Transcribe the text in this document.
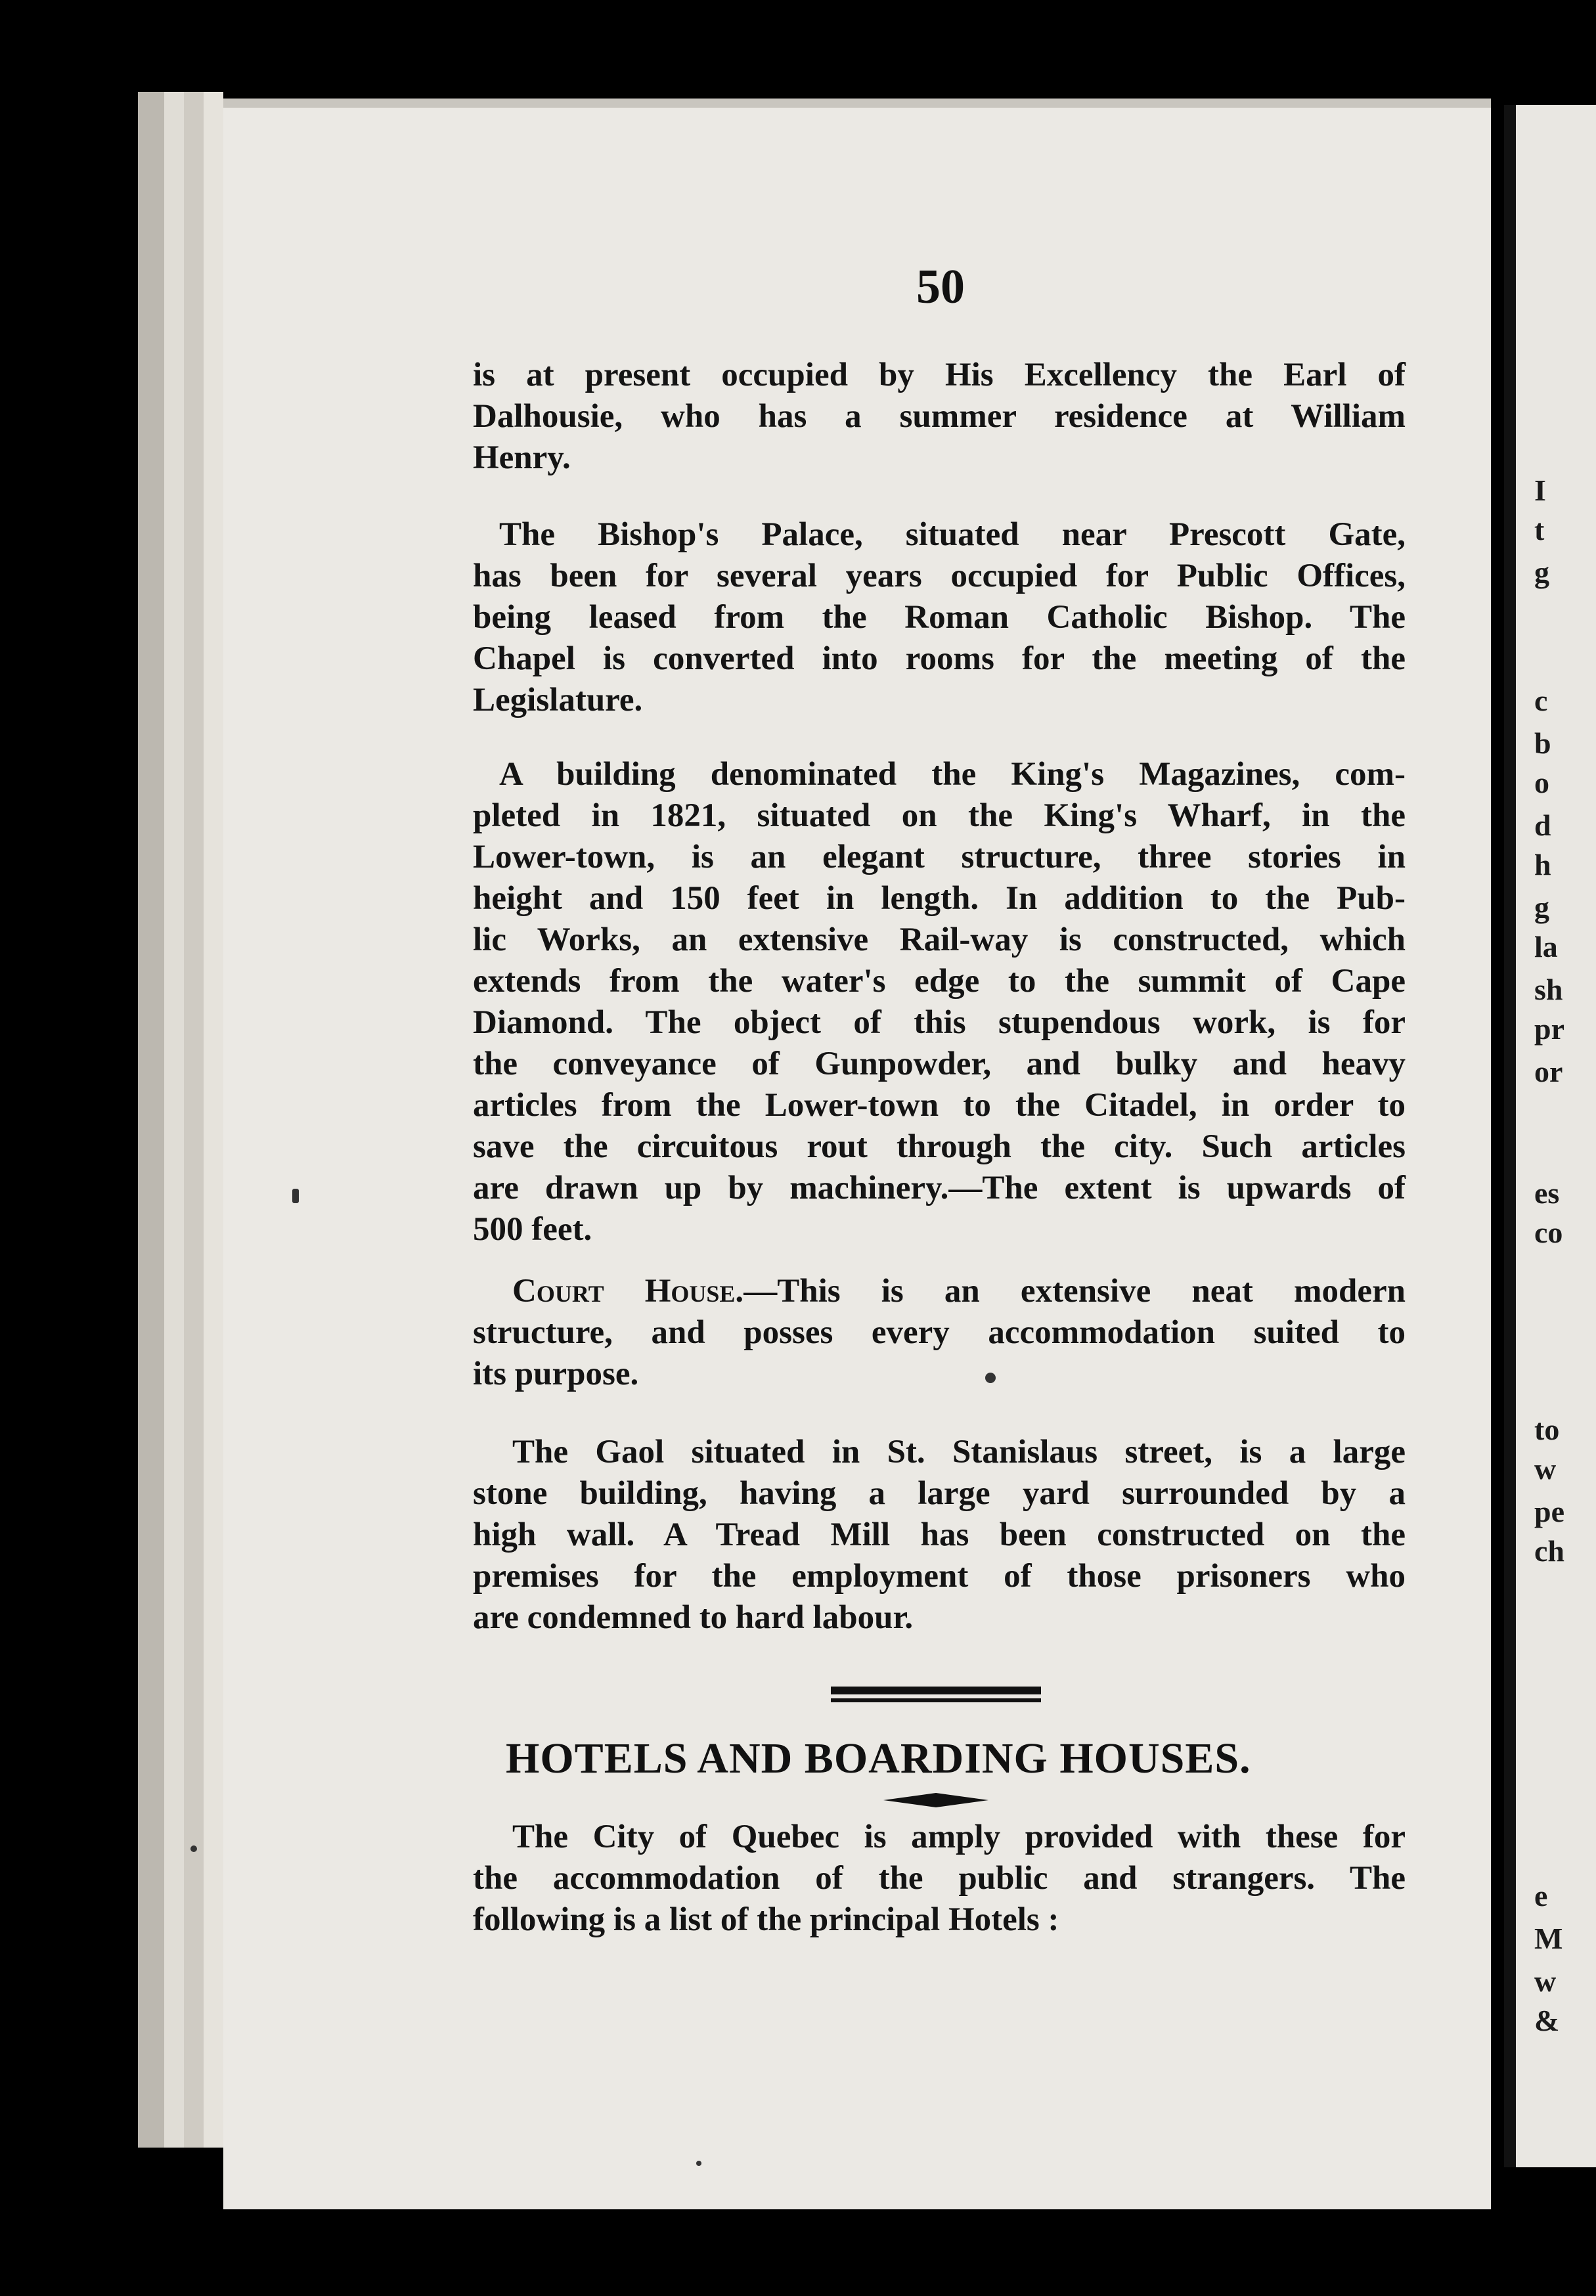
I
t
g
c
b
o
d
h
g
la
sh
pr
or
es
co
to
w
pe
ch
e
M
w
&
50
is at present occupied by His Excellency the Earl of
Dalhousie, who has a summer residence at William
Henry.
The Bishop's Palace, situated near Prescott Gate,
has been for several years occupied for Public Offices,
being leased from the Roman Catholic Bishop. The
Chapel is converted into rooms for the meeting of the
Legislature.
A building denominated the King's Magazines, com-
pleted in 1821, situated on the King's Wharf, in the
Lower-town, is an elegant structure, three stories in
height and 150 feet in length. In addition to the Pub-
lic Works, an extensive Rail-way is constructed, which
extends from the water's edge to the summit of Cape
Diamond. The object of this stupendous work, is for
the conveyance of Gunpowder, and bulky and heavy
articles from the Lower-town to the Citadel, in order to
save the circuitous rout through the city. Such articles
are drawn up by machinery.—The extent is upwards of
500 feet.
Court House.—This is an extensive neat modern
structure, and posses every accommodation suited to
its purpose.
The Gaol situated in St. Stanislaus street, is a large
stone building, having a large yard surrounded by a
high wall. A Tread Mill has been constructed on the
premises for the employment of those prisoners who
are condemned to hard labour.
HOTELS AND BOARDING HOUSES.
The City of Quebec is amply provided with these for
the accommodation of the public and strangers. The
following is a list of the principal Hotels :
